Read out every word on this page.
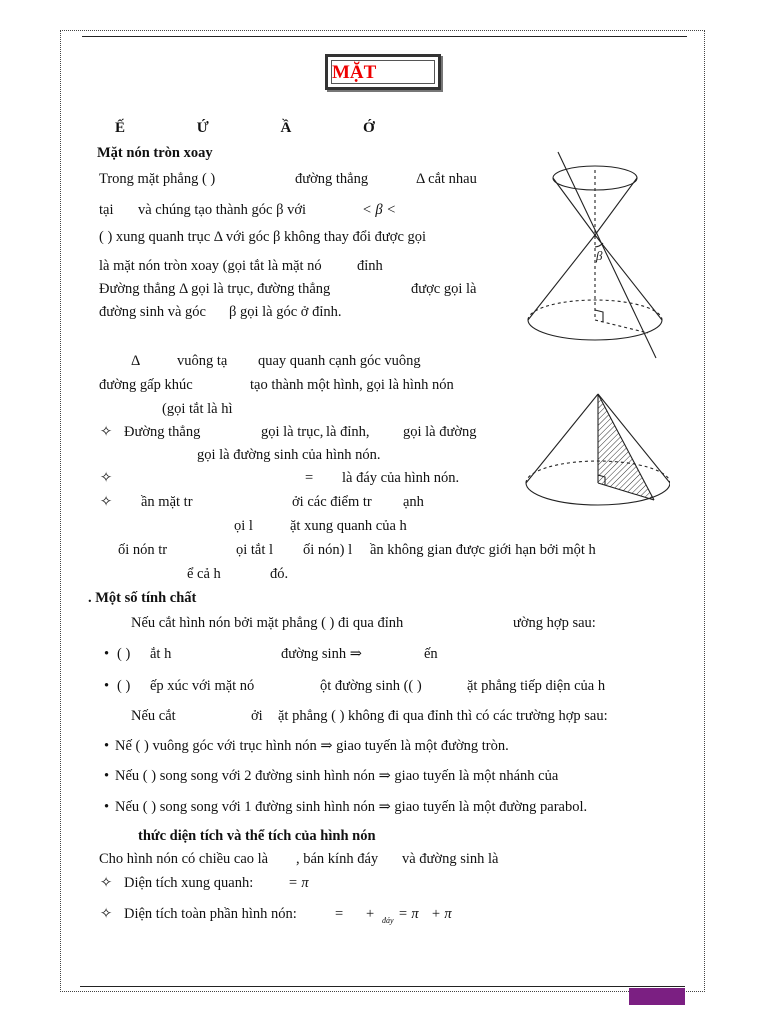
MẶT
Ế Ứ Ầ Ớ
Mặt nón tròn xoay
Trong mặt phẳng ( )	đường thẳng	Δ cắt nhau
tại và chúng tạo thành góc β với	< β <
( ) xung quanh trục Δ với góc β không thay đổi được gọi
là mặt nón tròn xoay (gọi tắt là mặt nó đỉnh
Đường thẳng Δ gọi là trục, đường thẳng	được gọi là
đường sinh và góc β gọi là góc ở đỉnh.
Δ	vuông tạ quay quanh cạnh góc vuông
đường gấp khúc	tạo thành một hình, gọi là hình nón
(gọi tắt là hì
✧ Đường thẳng	gọi là trục, là đỉnh, gọi là đường
gọi là đường sinh của hình nón.
✧	= là đáy của hình nón.
✧ ần mặt tr	ởi các điểm tr ạnh
ọi l	ặt xung quanh của h
ối nón tr	ọi tắt l ối nón) l ần không gian được giới hạn bởi một h
ể cả h	đó.
. Một số tính chất
Nếu cắt hình nón bởi mặt phẳng ( ) đi qua đỉnh	ường hợp sau:
• ( ) ắt h	đường sinh ⇒	ến
• ( ) ếp xúc với mặt nó	ột đường sinh (( )	ặt phẳng tiếp diện của h
Nếu cắt	ởi ặt phẳng ( ) không đi qua đỉnh thì có các trường hợp sau:
• Nế ( ) vuông góc với trục hình nón ⇒ giao tuyến là một đường tròn.
• Nếu ( ) song song với 2 đường sinh hình nón ⇒ giao tuyến là một nhánh của
• Nếu ( ) song song với 1 đường sinh hình nón ⇒ giao tuyến là một đường parabol.
thức diện tích và thể tích của hình nón
Cho hình nón có chiều cao là , bán kính đáy và đường sinh là
✧ Diện tích xung quanh: = π
✧ Diện tích toàn phần hình nón:	= + đáy = π + π
β
